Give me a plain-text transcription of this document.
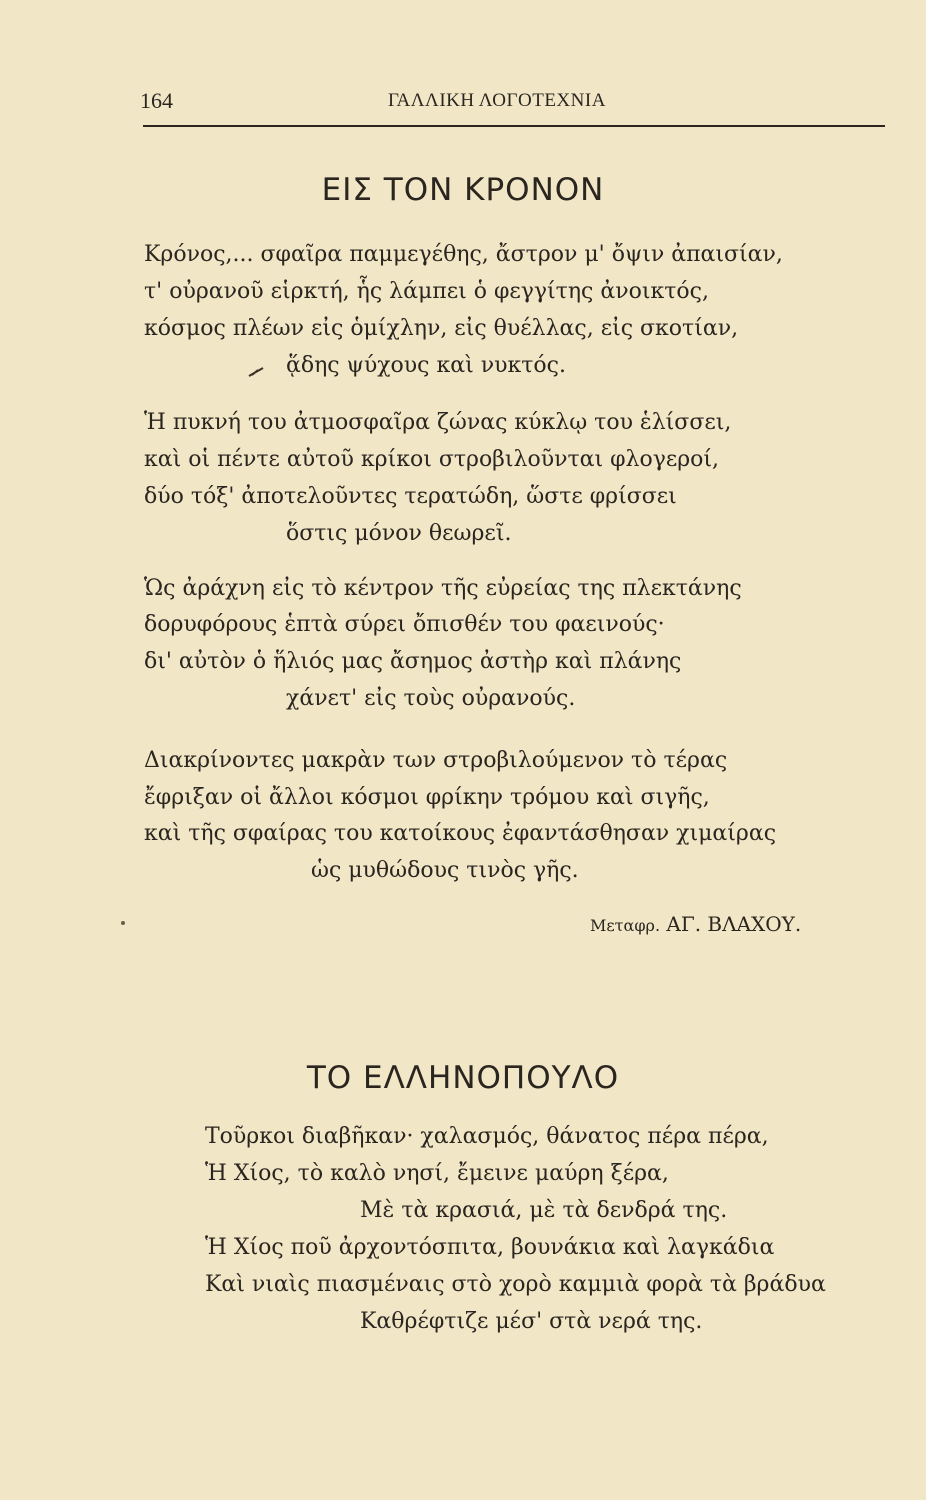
164	ΓΑΛΛΙΚΗ ΛΟΓΟΤΕΧΝΙΑ
ΕΙΣ ΤΟΝ ΚΡΟΝΟΝ
Κρόνος,... σφαῖρα παμμεγέθης, ἄστρον μ' ὄψιν ἀπαισίαν,
τ' οὐρανοῦ εἱρκτή, ἧς λάμπει ὁ φεγγίτης ἀνοικτός,
κόσμος πλέων εἰς ὁμίχλην, εἰς θυέλλας, εἰς σκοτίαν,
ᾅδης ψύχους καὶ νυκτός.
Ἡ πυκνή του ἀτμοσφαῖρα ζώνας κύκλῳ του ἑλίσσει,
καὶ οἱ πέντε αὐτοῦ κρίκοι στροβιλοῦνται φλογεροί,
δύο τόξ' ἀποτελοῦντες τερατώδη, ὥστε φρίσσει
ὅστις μόνον θεωρεῖ.
Ὡς ἀράχνη εἰς τὸ κέντρον τῆς εὐρείας της πλεκτάνης
δορυφόρους ἑπτὰ σύρει ὄπισθέν του φαεινούς·
δι' αὐτὸν ὁ ἥλιός μας ἄσημος ἀστὴρ καὶ πλάνης
χάνετ' εἰς τοὺς οὐρανούς.
Διακρίνοντες μακρὰν των στροβιλούμενον τὸ τέρας
ἔφριξαν οἱ ἄλλοι κόσμοι φρίκην τρόμου καὶ σιγῆς,
καὶ τῆς σφαίρας του κατοίκους ἐφαντάσθησαν χιμαίρας
ὡς μυθώδους τινὸς γῆς.
Μεταφρ. ΑΓ. ΒΛΑΧΟΥ.
ΤΟ ΕΛΛΗΝΟΠΟΥΛΟ
Τοῦρκοι διαβῆκαν· χαλασμός, θάνατος πέρα πέρα,
Ἡ Χίος, τὸ καλὸ νησί, ἔμεινε μαύρη ξέρα,
Μὲ τὰ κρασιά, μὲ τὰ δενδρά της.
Ἡ Χίος ποῦ ἀρχοντόσπιτα, βουνάκια καὶ λαγκάδια
Καὶ νιαὶς πιασμέναις στὸ χορὸ καμμιὰ φορὰ τὰ βράδυα
Καθρέφτιζε μέσ' στὰ νερά της.
